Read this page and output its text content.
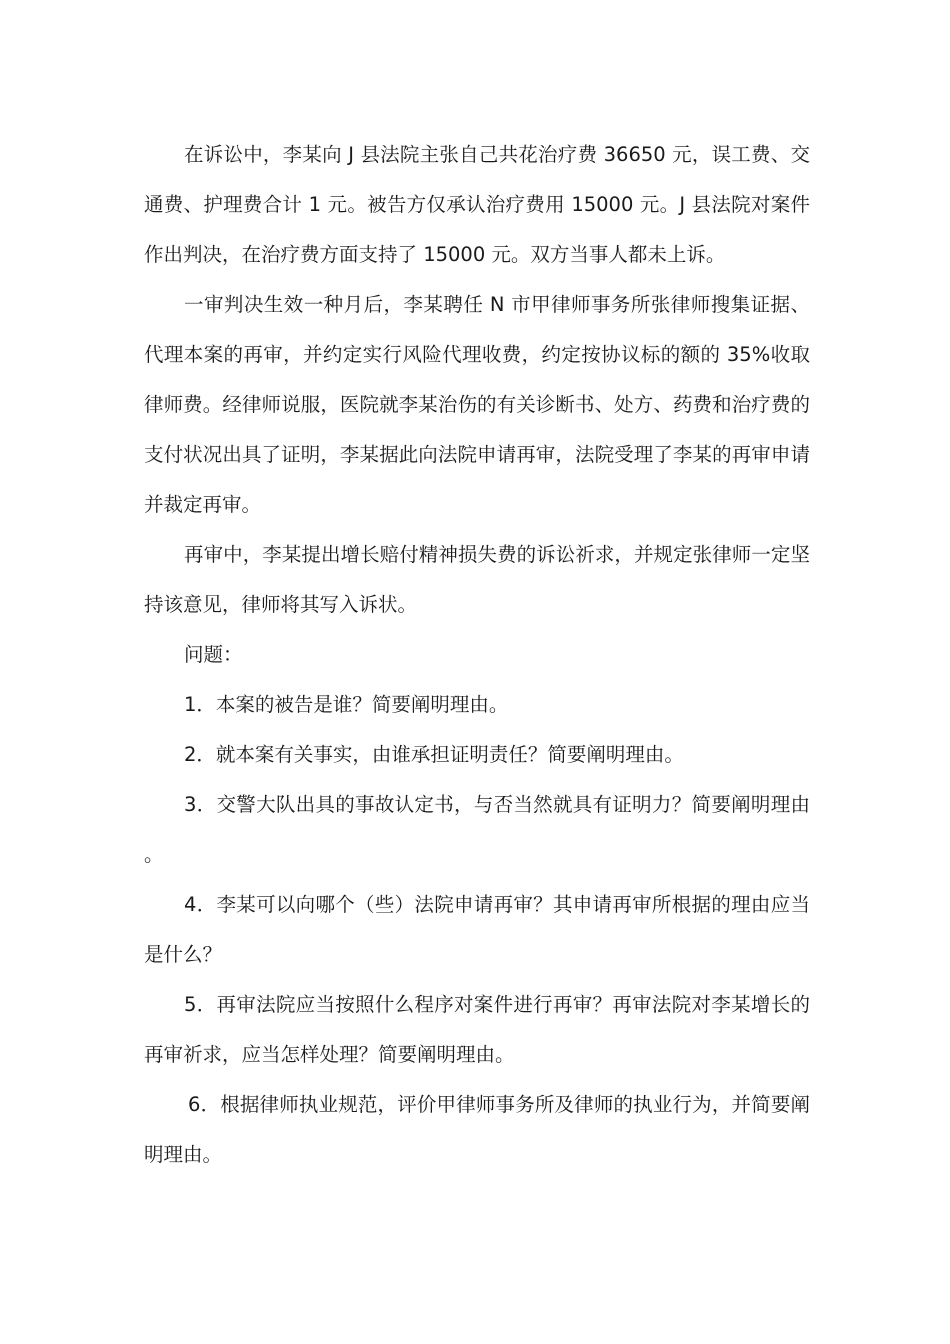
在诉讼中，李某向 J 县法院主张自己共花治疗费 36650 元，误工费、交通费、护理费合计 1 元。被告方仅承认治疗费用 15000 元。J 县法院对案件作出判决，在治疗费方面支持了 15000 元。双方当事人都未上诉。

一审判决生效一种月后，李某聘任 N 市甲律师事务所张律师搜集证据、代理本案的再审，并约定实行风险代理收费，约定按协议标的额的 35%收取律师费。经律师说服，医院就李某治伤的有关诊断书、处方、药费和治疗费的支付状况出具了证明，李某据此向法院申请再审，法院受理了李某的再审申请并裁定再审。

再审中，李某提出增长赔付精神损失费的诉讼祈求，并规定张律师一定坚持该意见，律师将其写入诉状。

问题：

1．本案的被告是谁？简要阐明理由。

2．就本案有关事实，由谁承担证明责任？简要阐明理由。

3．交警大队出具的事故认定书，与否当然就具有证明力？简要阐明理由。

4．李某可以向哪个（些）法院申请再审？其申请再审所根据的理由应当是什么？

5．再审法院应当按照什么程序对案件进行再审？再审法院对李某增长的再审祈求，应当怎样处理？简要阐明理由。

6．根据律师执业规范，评价甲律师事务所及律师的执业行为，并简要阐明理由。
